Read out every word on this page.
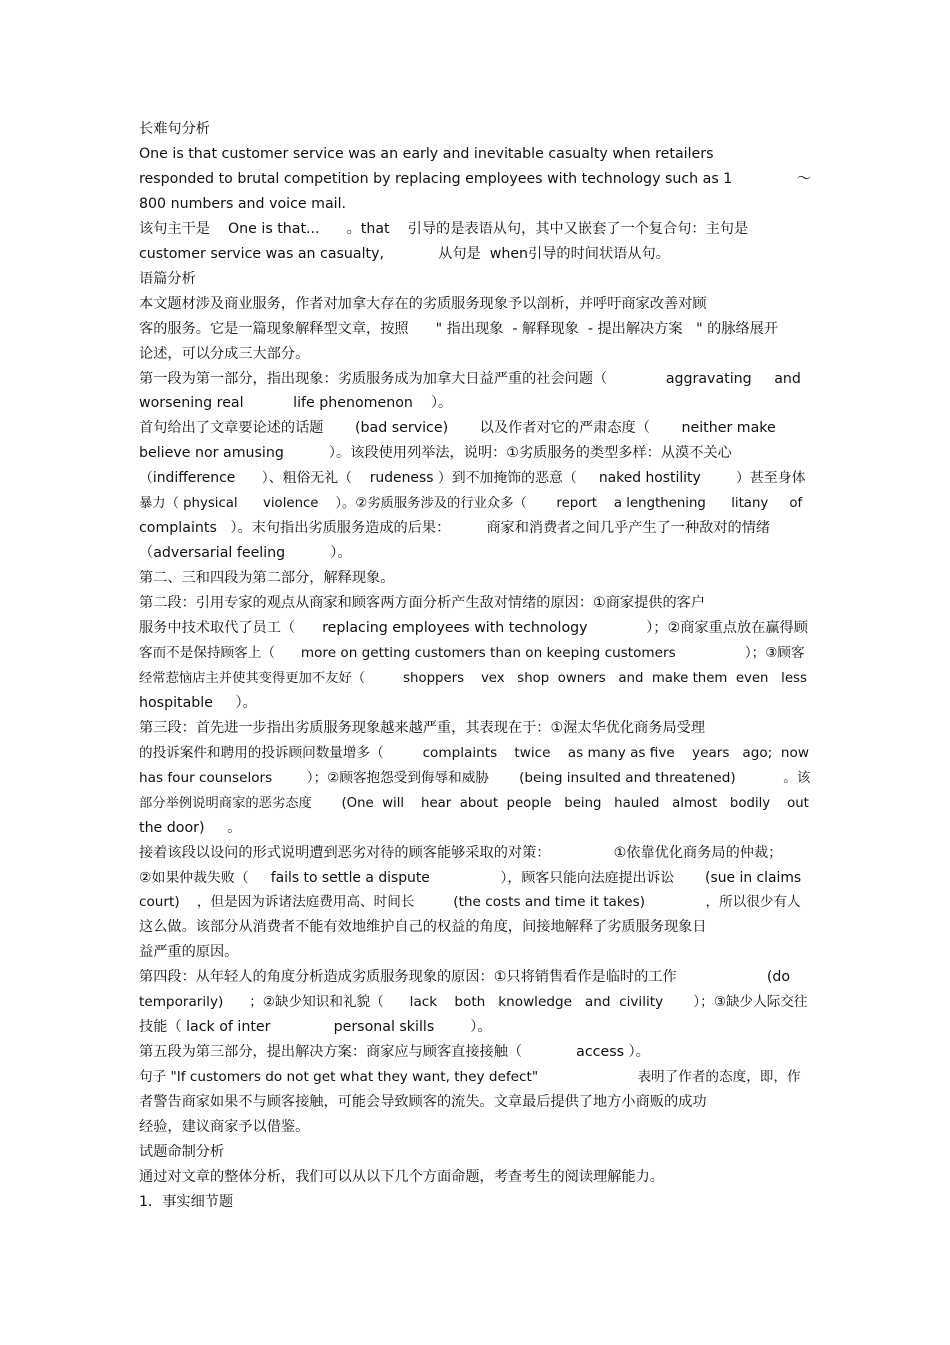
长难句分析
One is that customer service was an early and inevitable casualty when retailers
responded to brutal competition by replacing employees with technology such as 1	～
800 numbers and voice mail.
该句主干是    One is that...      。that    引导的是表语从句，其中又嵌套了一个复合句：主句是
customer service was an casualty,            从句是  when引导的时间状语从句。
语篇分析
本文题材涉及商业服务，作者对加拿大存在的劣质服务现象予以剖析，并呼吁商家改善对顾
客的服务。它是一篇现象解释型文章，按照      " 指出现象  - 解释现象  - 提出解决方案   " 的脉络展开
论述，可以分成三大部分。
第一段为第一部分，指出现象：劣质服务成为加拿大日益严重的社会问题（             aggravating     and
worsening real           life phenomenon    ）。
首句给出了文章要论述的话题       (bad service)       以及作者对它的严肃态度（       neither make
believe nor amusing          ）。该段使用列举法，说明：①劣质服务的类型多样：从漠不关心
（indifference      ）、粗俗无礼（    rudeness ）到不加掩饰的恶意（     naked hostility        ）甚至身体
暴力（ physical      violence    ）。②劣质服务涉及的行业众多（       report    a lengthening      litany     of
complaints   ）。末句指出劣质服务造成的后果：        商家和消费者之间几乎产生了一种敌对的情绪
（adversarial feeling          ）。
第二、三和四段为第二部分，解释现象。
第二段：引用专家的观点从商家和顾客两方面分析产生敌对情绪的原因：①商家提供的客户
服务中技术取代了员工（      replacing employees with technology             ）；②商家重点放在赢得顾
客而不是保持顾客上（      more on getting customers than on keeping customers                ）；③顾客
经常惹恼店主并使其变得更加不友好（         shoppers    vex   shop  owners   and  make them  even   less
hospitable     ）。
第三段：首先进一步指出劣质服务现象越来越严重，其表现在于：①渥太华优化商务局受理
的投诉案件和聘用的投诉顾问数量增多（         complaints    twice    as many as five    years   ago;  now
has four counselors        ）；②顾客抱怨受到侮辱和威胁       (being insulted and threatened)           。该
部分举例说明商家的恶劣态度       (One  will    hear  about  people   being   hauled   almost   bodily    out
the door)     。
接着该段以设问的形式说明遭到恶劣对待的顾客能够采取的对策：              ①依靠优化商务局的仲裁；
②如果仲裁失败（     fails to settle a dispute                ），顾客只能向法庭提出诉讼       (sue in claims
court)    ，但是因为诉诸法庭费用高、时间长         (the costs and time it takes)              ，所以很少有人
这么做。该部分从消费者不能有效地维护自己的权益的角度，间接地解释了劣质服务现象日
益严重的原因。
第四段：从年轻人的角度分析造成劣质服务现象的原因：①只将销售看作是临时的工作                    (do
temporarily)      ；②缺少知识和礼貌（      lack    both   knowledge   and  civility       ）；③缺少人际交往
技能（ lack of inter              personal skills        ）。
第五段为第三部分，提出解决方案：商家应与顾客直接接触（            access ）。
句子 "If customers do not get what they want, they defect"                       表明了作者的态度，即，作
者警告商家如果不与顾客接触，可能会导致顾客的流失。文章最后提供了地方小商贩的成功
经验，建议商家予以借鉴。
试题命制分析
通过对文章的整体分析，我们可以从以下几个方面命题，考查考生的阅读理解能力。
1．事实细节题
